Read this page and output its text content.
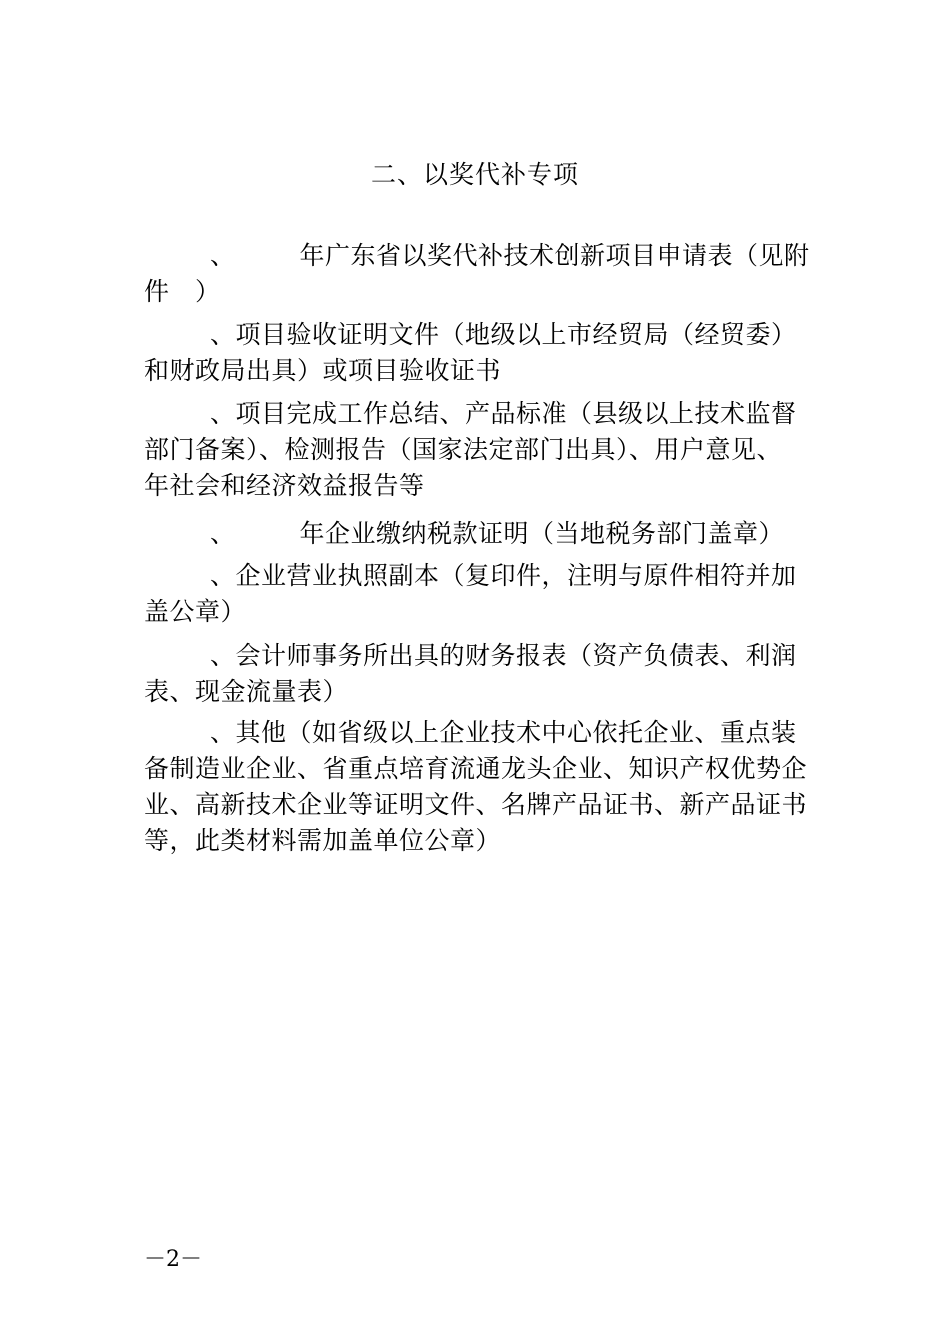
二、以奖代补专项
、　　　年广东省以奖代补技术创新项目申请表（见附
件　）
、项目验收证明文件（地级以上市经贸局（经贸委）
和财政局出具）或项目验收证书
、项目完成工作总结、产品标准（县级以上技术监督
部门备案）、检测报告（国家法定部门出具）、用户意见、
年社会和经济效益报告等
、　　　年企业缴纳税款证明（当地税务部门盖章）
、企业营业执照副本（复印件，注明与原件相符并加
盖公章）
、会计师事务所出具的财务报表（资产负债表、利润
表、现金流量表）
、其他（如省级以上企业技术中心依托企业、重点装
备制造业企业、省重点培育流通龙头企业、知识产权优势企
业、高新技术企业等证明文件、名牌产品证书、新产品证书
等，此类材料需加盖单位公章）
－2－
